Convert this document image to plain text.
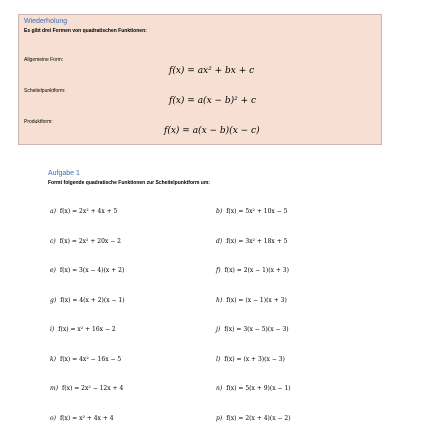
Wiederholung
Es gibt drei Formen von quadratischen Funktionen:
Allgemeine Form:
f(x) = ax² + bx + c
Scheitelpunktform:
f(x) = a(x − b)² + c
Produktform:
f(x) = a(x − b)(x − c)
Aufgabe 1
Formt folgende quadratische Funktionen zur Scheitelpunktform um:
a) f(x) = 2x² + 4x + 5	b) f(x) = 5x² + 10x − 5
c) f(x) = 2x² + 20x − 2	d) f(x) = 3x² + 18x + 5
e) f(x) = 3(x − 4)(x + 2)	f) f(x) = 2(x − 1)(x + 3)
g) f(x) = 4(x + 2)(x − 1)	h) f(x) = (x − 1)(x + 3)
i) f(x) = x² + 16x − 2	j) f(x) = 3(x − 5)(x − 3)
k) f(x) = 4x² − 16x − 5	l) f(x) = (x + 3)(x − 3)
m) f(x) = 2x² − 12x + 4	n) f(x) = 5(x + 9)(x − 1)
o) f(x) = x² + 4x + 4	p) f(x) = 2(x + 4)(x − 2)
